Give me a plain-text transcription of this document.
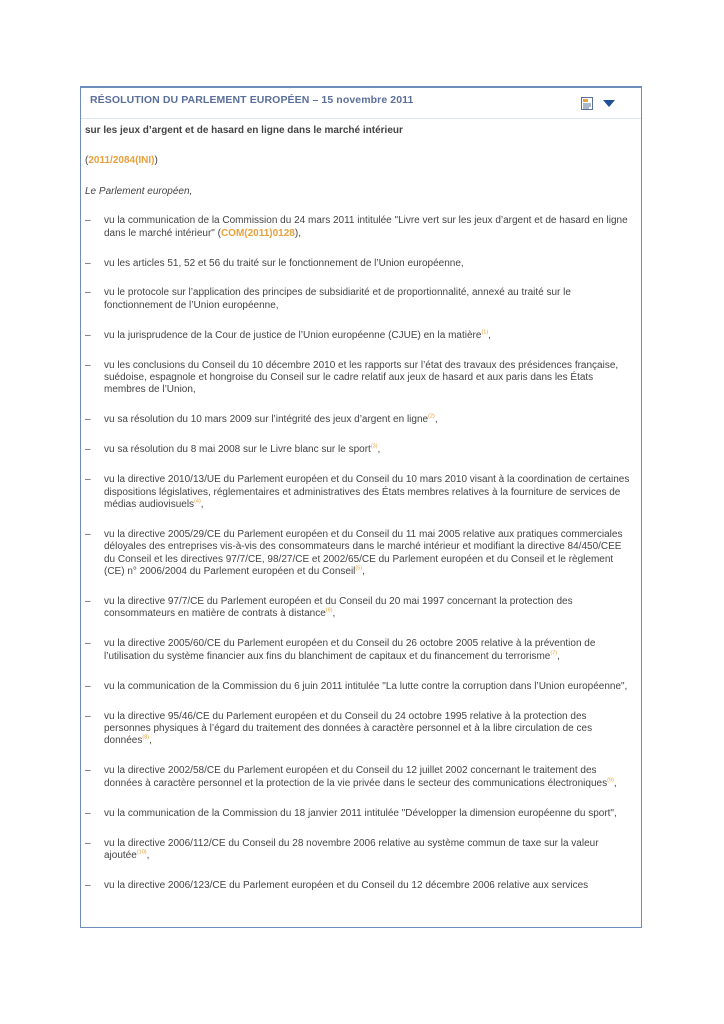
RÉSOLUTION DU PARLEMENT EUROPÉEN – 15 novembre 2011

sur les jeux d’argent et de hasard en ligne dans le marché intérieur

(2011/2084(INI))

Le Parlement européen,

– vu la communication de la Commission du 24 mars 2011 intitulée "Livre vert sur les jeux d’argent et de hasard en ligne dans le marché intérieur" (COM(2011)0128),
– vu les articles 51, 52 et 56 du traité sur le fonctionnement de l’Union européenne,
– vu le protocole sur l’application des principes de subsidiarité et de proportionnalité, annexé au traité sur le fonctionnement de l’Union européenne,
– vu la jurisprudence de la Cour de justice de l’Union européenne (CJUE) en la matière$^{(1)}$,
– vu les conclusions du Conseil du 10 décembre 2010 et les rapports sur l’état des travaux des présidences française, suédoise, espagnole et hongroise du Conseil sur le cadre relatif aux jeux de hasard et aux paris dans les États membres de l’Union,
– vu sa résolution du 10 mars 2009 sur l’intégrité des jeux d’argent en ligne$^{(2)}$,
– vu sa résolution du 8 mai 2008 sur le Livre blanc sur le sport$^{(3)}$,
– vu la directive 2010/13/UE du Parlement européen et du Conseil du 10 mars 2010 visant à la coordination de certaines dispositions législatives, réglementaires et administratives des États membres relatives à la fourniture de services de médias audiovisuels$^{(4)}$,
– vu la directive 2005/29/CE du Parlement européen et du Conseil du 11 mai 2005 relative aux pratiques commerciales déloyales des entreprises vis-à-vis des consommateurs dans le marché intérieur et modifiant la directive 84/450/CEE du Conseil et les directives 97/7/CE, 98/27/CE et 2002/65/CE du Parlement européen et du Conseil et le règlement (CE) n° 2006/2004 du Parlement européen et du Conseil$^{(5)}$,
– vu la directive 97/7/CE du Parlement européen et du Conseil du 20 mai 1997 concernant la protection des consommateurs en matière de contrats à distance$^{(6)}$,
– vu la directive 2005/60/CE du Parlement européen et du Conseil du 26 octobre 2005 relative à la prévention de l’utilisation du système financier aux fins du blanchiment de capitaux et du financement du terrorisme$^{(7)}$,
– vu la communication de la Commission du 6 juin 2011 intitulée "La lutte contre la corruption dans l’Union européenne",
– vu la directive 95/46/CE du Parlement européen et du Conseil du 24 octobre 1995 relative à la protection des personnes physiques à l’égard du traitement des données à caractère personnel et à la libre circulation de ces données$^{(8)}$,
– vu la directive 2002/58/CE du Parlement européen et du Conseil du 12 juillet 2002 concernant le traitement des données à caractère personnel et la protection de la vie privée dans le secteur des communications électroniques$^{(9)}$,
– vu la communication de la Commission du 18 janvier 2011 intitulée "Développer la dimension européenne du sport",
– vu la directive 2006/112/CE du Conseil du 28 novembre 2006 relative au système commun de taxe sur la valeur ajoutée$^{(10)}$,
– vu la directive 2006/123/CE du Parlement européen et du Conseil du 12 décembre 2006 relative aux services
